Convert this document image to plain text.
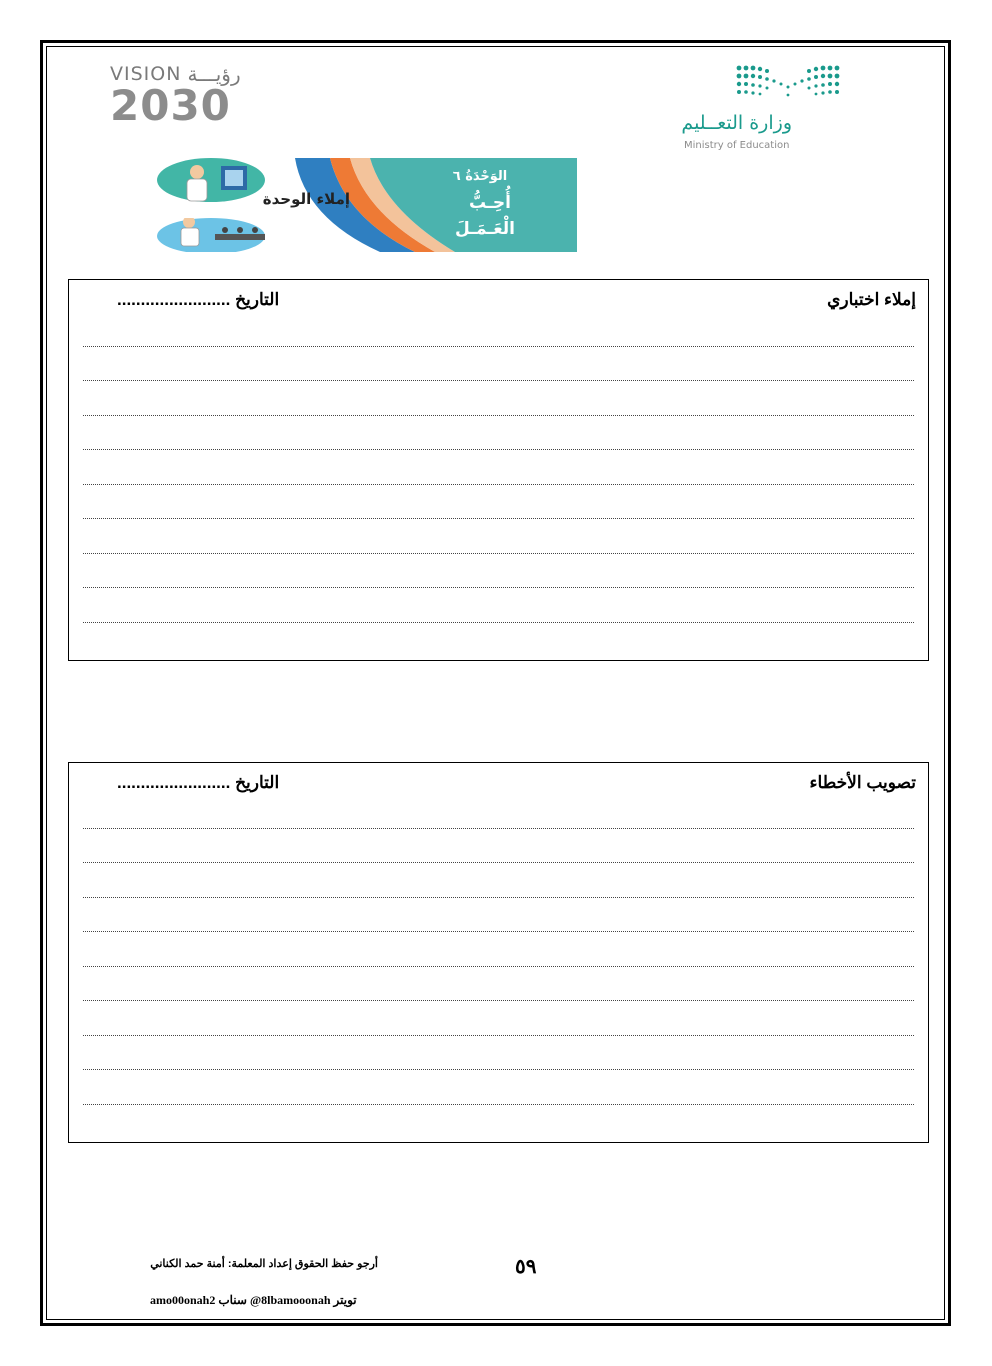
VISION رؤيـــة
2030	وزارة التعــليم
Ministry of Education
الوَحْدَةُ ٦
أُحِـبُّ
الْعَـمَـلَ
إملاء الوحدة
إملاء اختباري
التاريخ ........................
تصويب الأخطاء
التاريخ ........................
أرجو حفظ الحقوق إعداد المعلمة: أمنة حمد الكناني	٥٩
تويتر 8lbamooonah@ سناب amo00onah2
